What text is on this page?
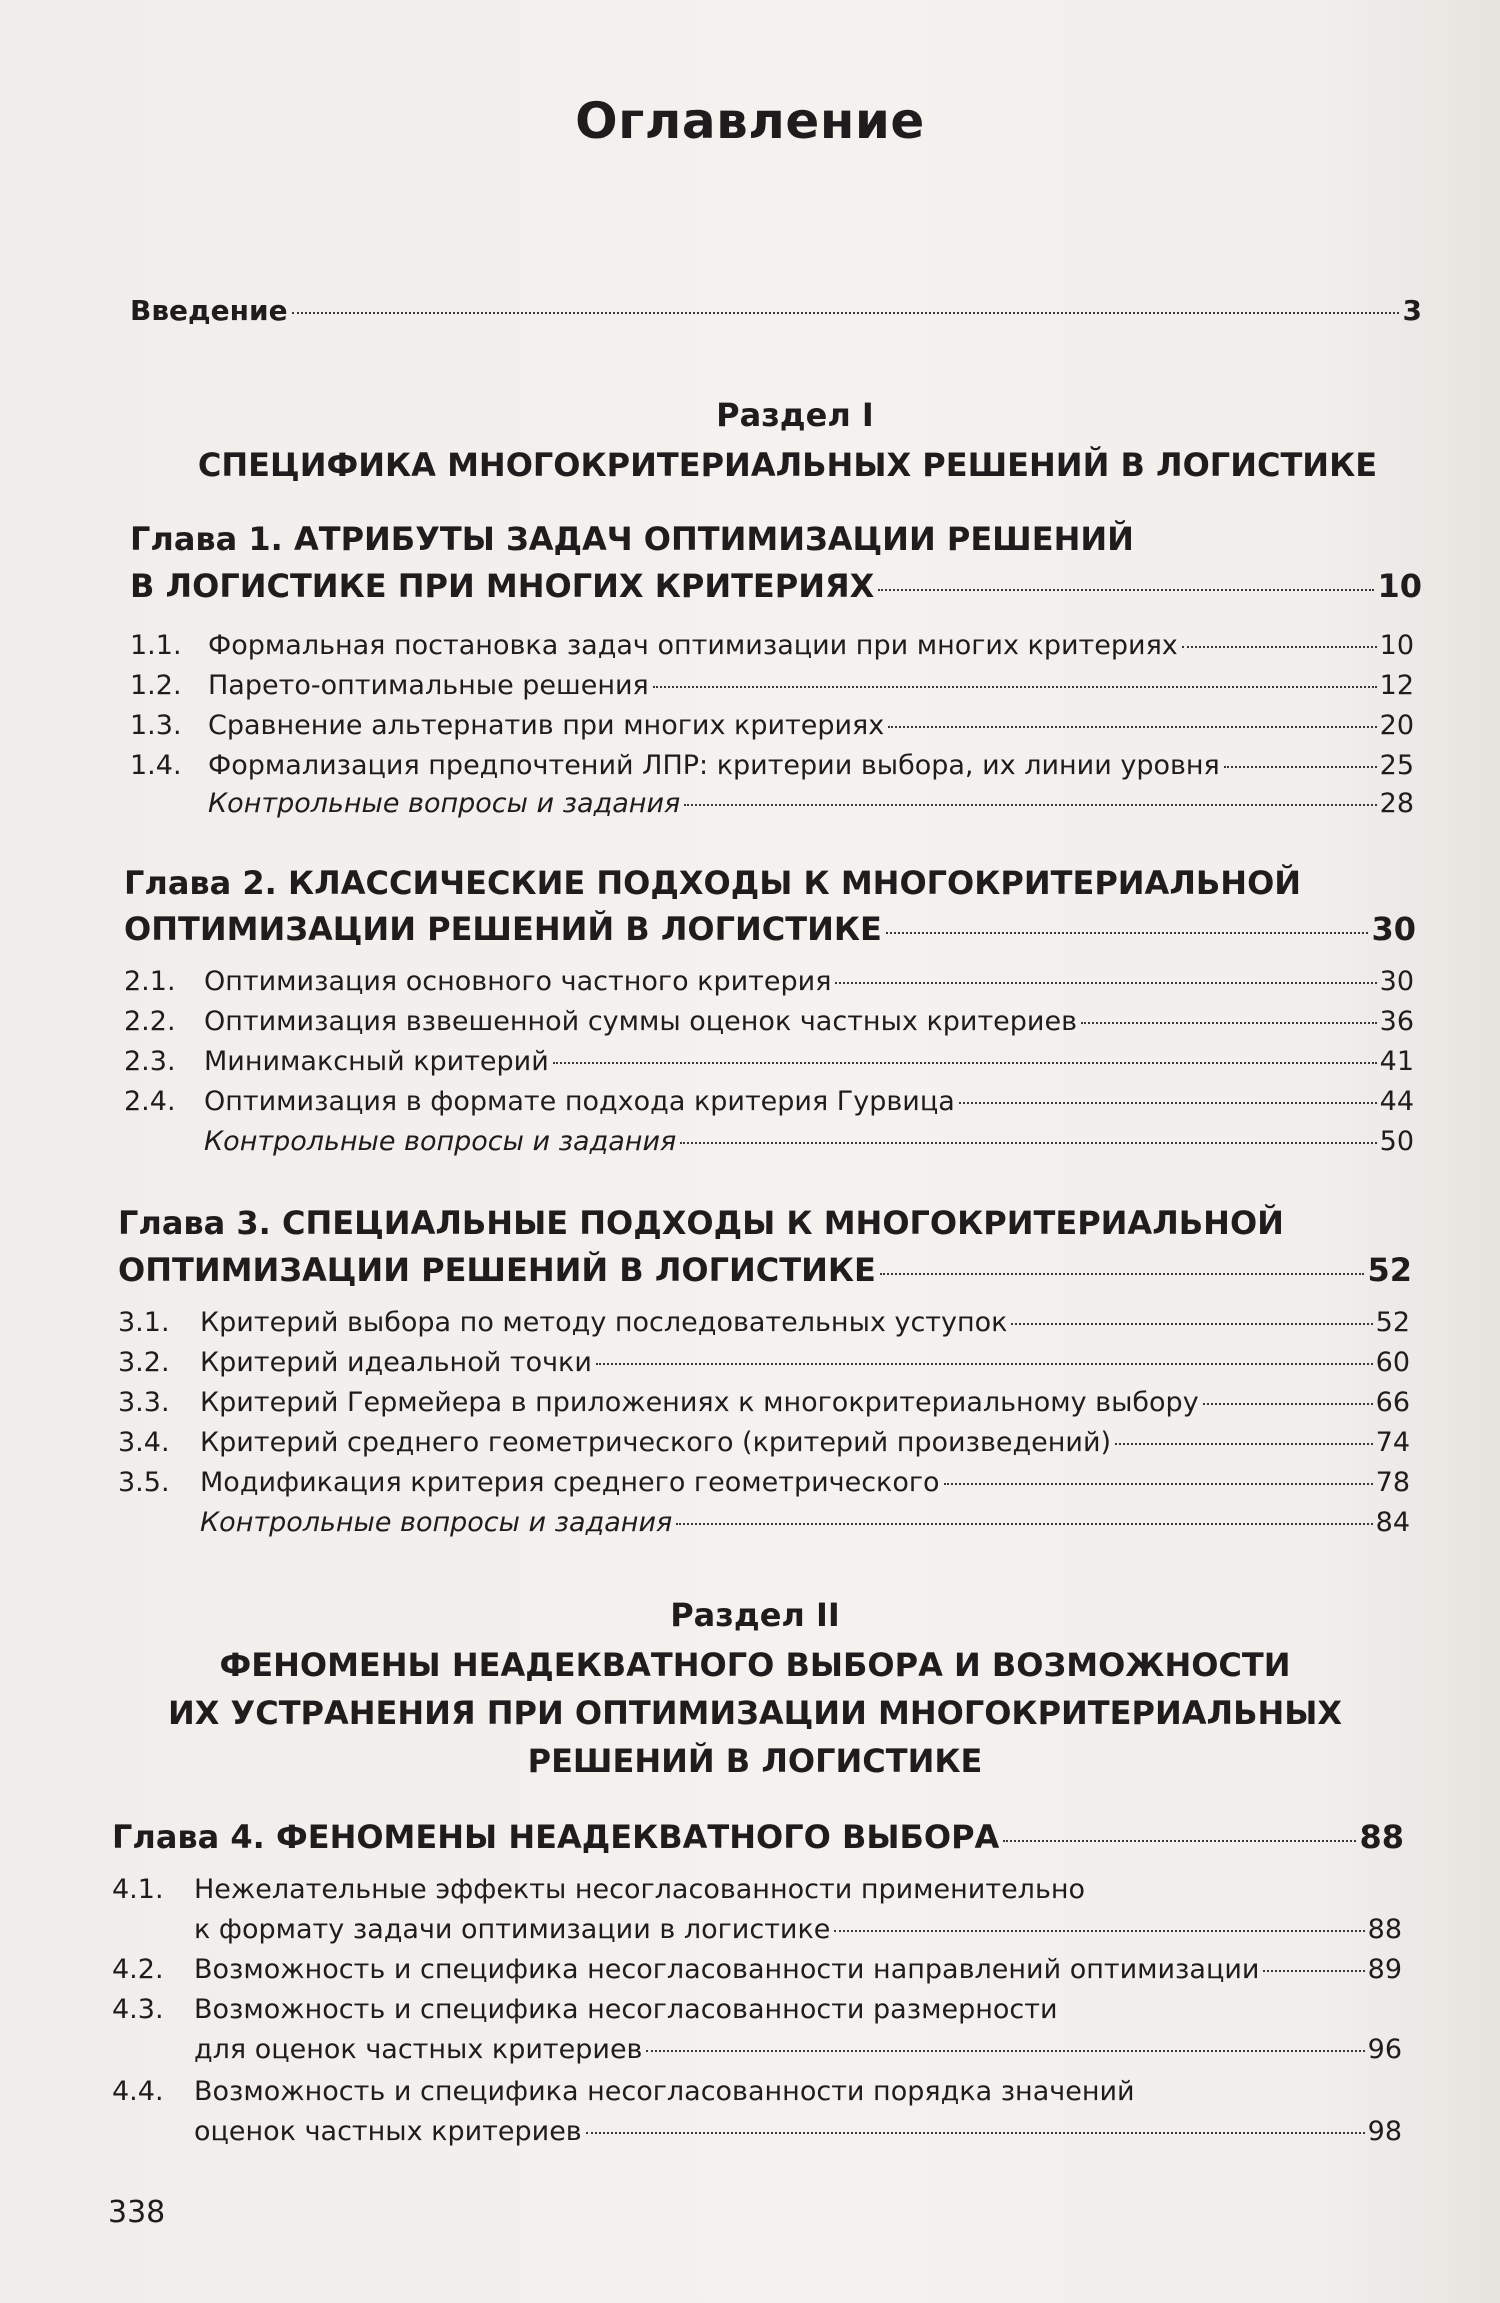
Оглавление
Введение	3
Раздел I
СПЕЦИФИКА МНОГОКРИТЕРИАЛЬНЫХ РЕШЕНИЙ В ЛОГИСТИКЕ
Глава 1. АТРИБУТЫ ЗАДАЧ ОПТИМИЗАЦИИ РЕШЕНИЙ
В ЛОГИСТИКЕ ПРИ МНОГИХ КРИТЕРИЯХ	10
1.1. Формальная постановка задач оптимизации при многих критериях	10
1.2. Парето-оптимальные решения	12
1.3. Сравнение альтернатив при многих критериях	20
1.4. Формализация предпочтений ЛПР: критерии выбора, их линии уровня	25
Контрольные вопросы и задания	28
Глава 2. КЛАССИЧЕСКИЕ ПОДХОДЫ К МНОГОКРИТЕРИАЛЬНОЙ
ОПТИМИЗАЦИИ РЕШЕНИЙ В ЛОГИСТИКЕ	30
2.1. Оптимизация основного частного критерия	30
2.2. Оптимизация взвешенной суммы оценок частных критериев	36
2.3. Минимаксный критерий	41
2.4. Оптимизация в формате подхода критерия Гурвица	44
Контрольные вопросы и задания	50
Глава 3. СПЕЦИАЛЬНЫЕ ПОДХОДЫ К МНОГОКРИТЕРИАЛЬНОЙ
ОПТИМИЗАЦИИ РЕШЕНИЙ В ЛОГИСТИКЕ	52
3.1. Критерий выбора по методу последовательных уступок	52
3.2. Критерий идеальной точки	60
3.3. Критерий Гермейера в приложениях к многокритериальному выбору	66
3.4. Критерий среднего геометрического (критерий произведений)	74
3.5. Модификация критерия среднего геометрического	78
Контрольные вопросы и задания	84
Раздел II
ФЕНОМЕНЫ НЕАДЕКВАТНОГО ВЫБОРА И ВОЗМОЖНОСТИ
ИХ УСТРАНЕНИЯ ПРИ ОПТИМИЗАЦИИ МНОГОКРИТЕРИАЛЬНЫХ
РЕШЕНИЙ В ЛОГИСТИКЕ
Глава 4. ФЕНОМЕНЫ НЕАДЕКВАТНОГО ВЫБОРА	88
4.1. Нежелательные эффекты несогласованности применительно
к формату задачи оптимизации в логистике	88
4.2. Возможность и специфика несогласованности направлений оптимизации	89
4.3. Возможность и специфика несогласованности размерности
для оценок частных критериев	96
4.4. Возможность и специфика несогласованности порядка значений
оценок частных критериев	98
338
